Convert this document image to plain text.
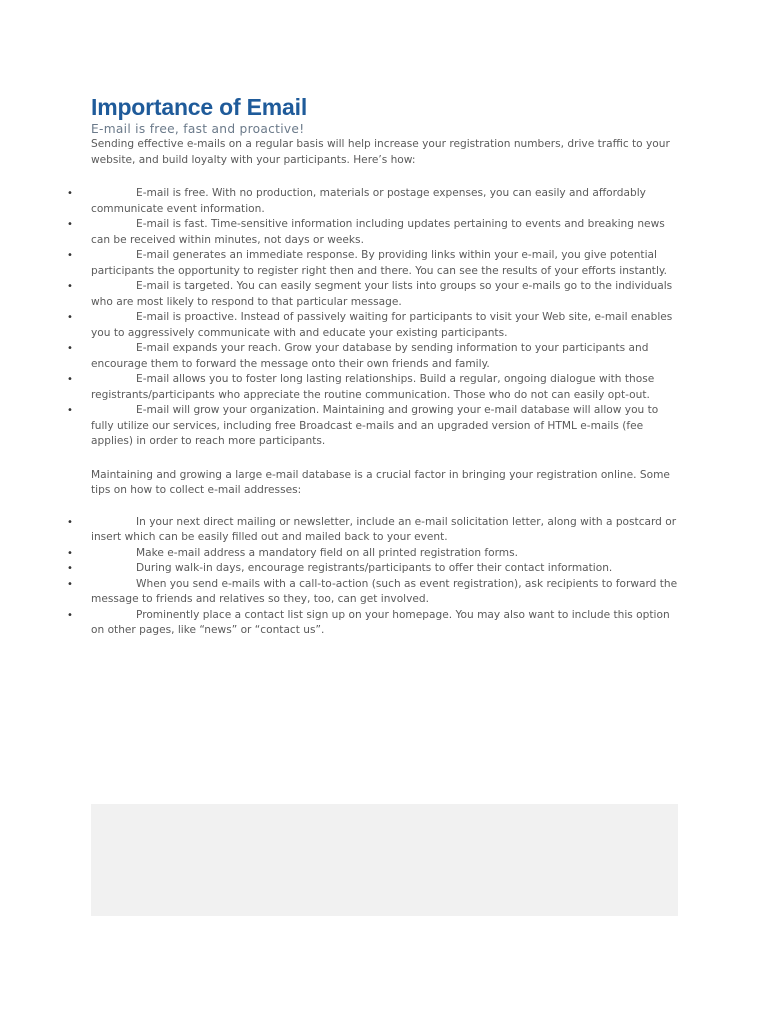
Importance of Email

E-mail is free, fast and proactive!

Sending effective e-mails on a regular basis will help increase your registration numbers, drive traffic to your website, and build loyalty with your participants. Here’s how:

•	E-mail is free. With no production, materials or postage expenses, you can easily and affordably communicate event information.
•	E-mail is fast. Time-sensitive information including updates pertaining to events and breaking news can be received within minutes, not days or weeks.
•	E-mail generates an immediate response. By providing links within your e-mail, you give potential participants the opportunity to register right then and there. You can see the results of your efforts instantly.
•	E-mail is targeted. You can easily segment your lists into groups so your e-mails go to the individuals who are most likely to respond to that particular message.
•	E-mail is proactive. Instead of passively waiting for participants to visit your Web site, e-mail enables you to aggressively communicate with and educate your existing participants.
•	E-mail expands your reach. Grow your database by sending information to your participants and encourage them to forward the message onto their own friends and family.
•	E-mail allows you to foster long lasting relationships. Build a regular, ongoing dialogue with those registrants/participants who appreciate the routine communication. Those who do not can easily opt-out.
•	E-mail will grow your organization. Maintaining and growing your e-mail database will allow you to fully utilize our services, including free Broadcast e-mails and an upgraded version of HTML e-mails (fee applies) in order to reach more participants.

Maintaining and growing a large e-mail database is a crucial factor in bringing your registration online. Some tips on how to collect e-mail addresses:

•	In your next direct mailing or newsletter, include an e-mail solicitation letter, along with a postcard or insert which can be easily filled out and mailed back to your event.
•	Make e-mail address a mandatory field on all printed registration forms.
•	During walk-in days, encourage registrants/participants to offer their contact information.
•	When you send e-mails with a call-to-action (such as event registration), ask recipients to forward the message to friends and relatives so they, too, can get involved.
•	Prominently place a contact list sign up on your homepage. You may also want to include this option on other pages, like “news” or “contact us”.
